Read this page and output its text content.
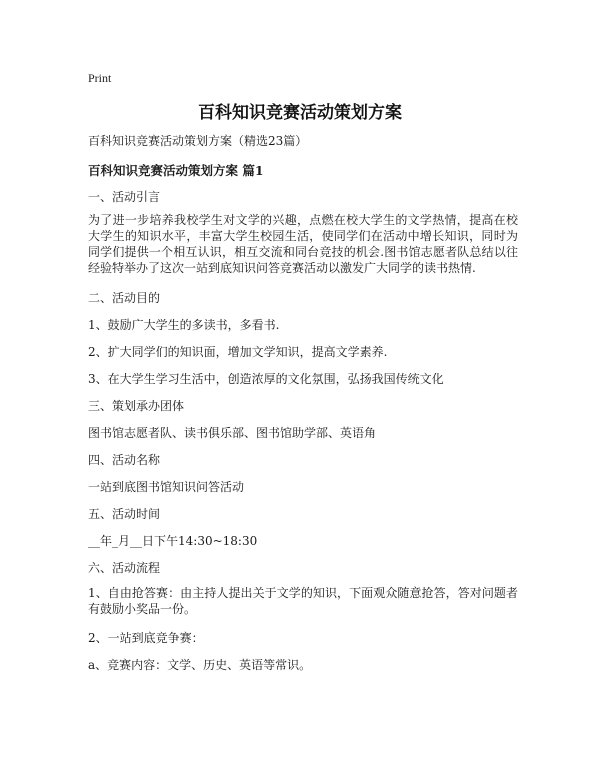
Print
百科知识竞赛活动策划方案
百科知识竞赛活动策划方案（精选23篇）
百科知识竞赛活动策划方案 篇1
一、活动引言
为了进一步培养我校学生对文学的兴趣，点燃在校大学生的文学热情，提高在校大学生的知识水平，丰富大学生校园生活，使同学们在活动中增长知识，同时为同学们提供一个相互认识，相互交流和同台竞技的机会.图书馆志愿者队总结以往经验特举办了这次一站到底知识问答竞赛活动以激发广大同学的读书热情.
二、活动目的
1、鼓励广大学生的多读书，多看书.
2、扩大同学们的知识面，增加文学知识，提高文学素养.
3、在大学生学习生活中，创造浓厚的文化氛围，弘扬我国传统文化
三、策划承办团体
图书馆志愿者队、读书俱乐部、图书馆助学部、英语角
四、活动名称
一站到底图书馆知识问答活动
五、活动时间
__年_月__日下午14:30~18:30
六、活动流程
1、自由抢答赛：由主持人提出关于文学的知识，下面观众随意抢答，答对问题者有鼓励小奖品一份。
2、一站到底竞争赛：
a、竞赛内容：文学、历史、英语等常识。
